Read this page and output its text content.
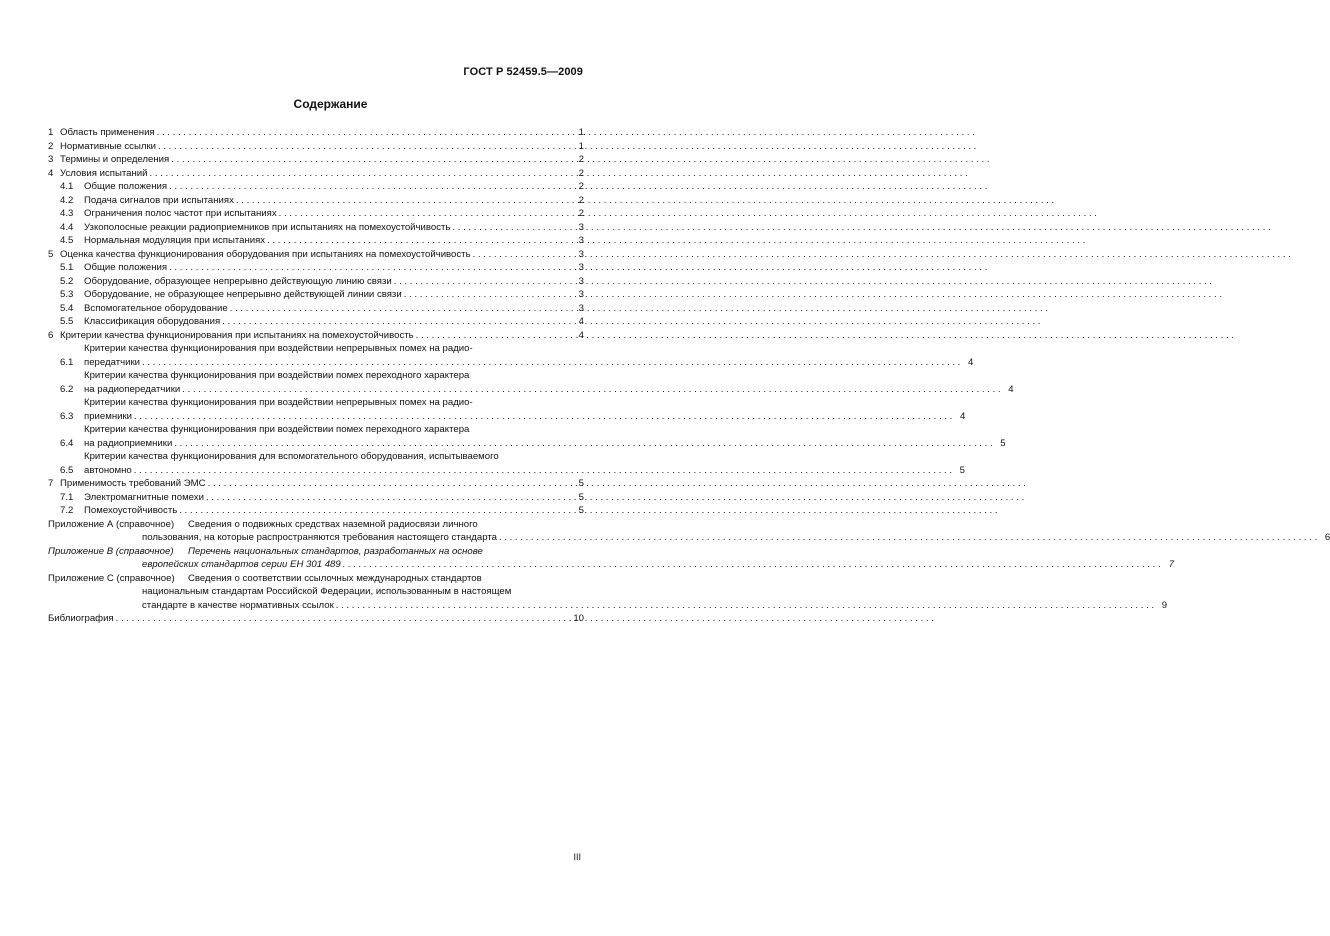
ГОСТ Р 52459.5—2009
Содержание
1 Область применения . . .	1
2 Нормативные ссылки . . .	1
3 Термины и определения . . .	2
4 Условия испытаний . . .	2
4.1	Общие положения . . .	2
4.2	Подача сигналов при испытаниях . . .	2
4.3	Ограничения полос частот при испытаниях . . .	2
4.4	Узкополосные реакции радиоприемников при испытаниях на помехоустойчивость . . .	3
4.5	Нормальная модуляция при испытаниях . . .	3
5 Оценка качества функционирования оборудования при испытаниях на помехоустойчивость . . .	3
5.1	Общие положения . . .	3
5.2	Оборудование, образующее непрерывно действующую линию связи . . .	3
5.3	Оборудование, не образующее непрерывно действующей линии связи . . .	3
5.4	Вспомогательное оборудование . . .	3
5.5	Классификация оборудования . . .	4
6 Критерии качества функционирования при испытаниях на помехоустойчивость . . .	4
6.1
Критерии качества функционирования при воздействии непрерывных помех на радио-
передатчики . . .	4
6.2
Критерии качества функционирования при воздействии помех переходного характера
на радиопередатчики . . .	4
6.3
Критерии качества функционирования при воздействии непрерывных помех на радио-
приемники . . .	4
6.4
Критерии качества функционирования при воздействии помех переходного характера
на радиоприемники . . .	5
6.5
Критерии качества функционирования для вспомогательного оборудования, испытываемого
автономно . . .	5
7 Применимость требований ЭМС . . .	5
7.1	Электромагнитные помехи . . .	5
7.2	Помехоустойчивость . . .	5
Приложение А (справочное)	Сведения о подвижных средствах наземной радиосвязи личного
пользования, на которые распространяются требования настоящего стандарта . . .	6
Приложение В (справочное)	Перечень национальных стандартов, разработанных на основе
европейских стандартов серии ЕН 301 489 . . .	7
Приложение С (справочное)	Сведения о соответствии ссылочных международных стандартов
национальным стандартам Российской Федерации, использованным в настоящем
стандарте в качестве нормативных ссылок . . .	9
Библиография . . .	10
III
